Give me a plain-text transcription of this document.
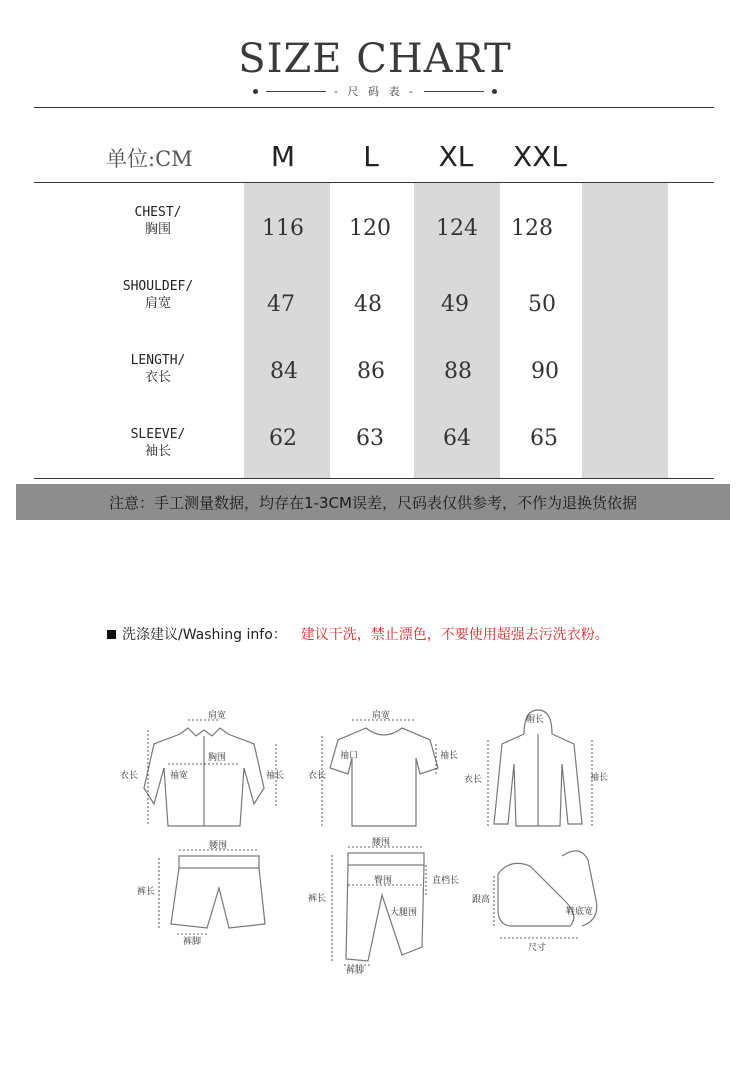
SIZE CHART
- 尺 码 表 -
单位:CM	M	L	XL	XXL
CHEST/
胸围	116	120	124	128
SHOULDEF/
肩宽	47	48	49	50
LENGTH/
衣长	84	86	88	90
SLEEVE/
袖长
62	63	64	65
注意：手工测量数据，均存在1-3CM误差，尺码表仅供参考，不作为退换货依据
洗涤建议/Washing info： 建议干洗，禁止漂色，不要使用超强去污洗衣粉。
肩宽
胸围
衣长	袖宽	袖长
肩宽
袖口
衣长
袖长
帽长
衣长	袖长
腰围
裤长
裤脚
腰围
臀围	直档长
大腿围
裤长
裤脚
跟高
鞋底宽
尺寸
